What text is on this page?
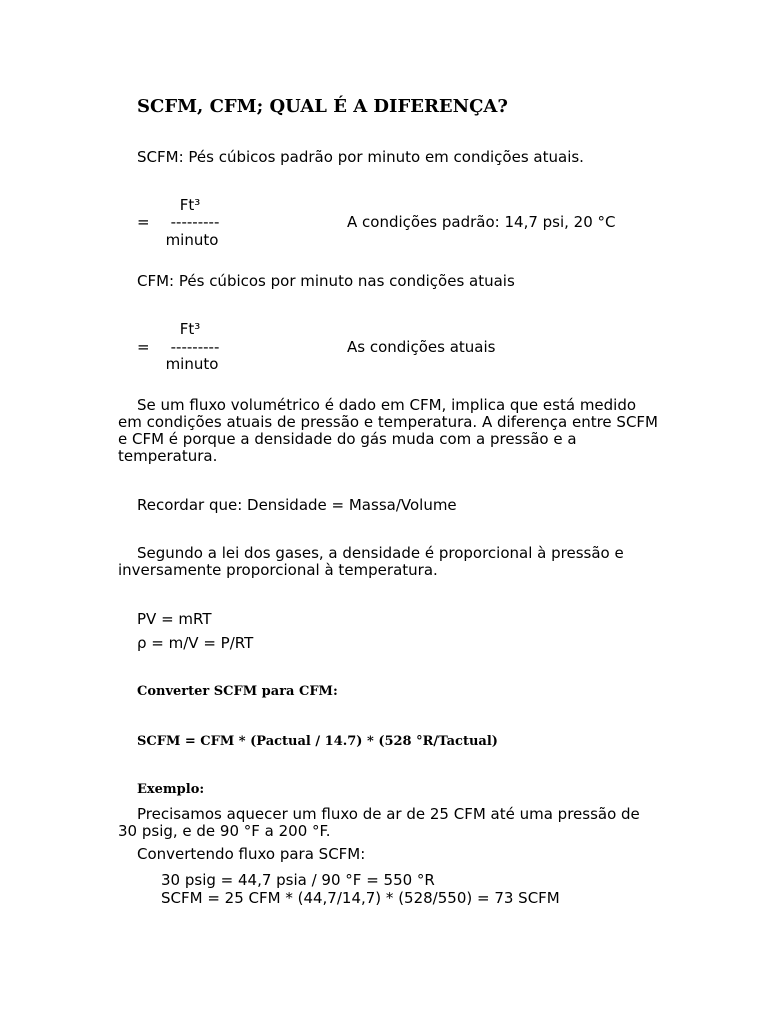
SCFM, CFM; QUAL É A DIFERENÇA?
SCFM: Pés cúbicos padrão por minuto em condições atuais.
Ft³
=	---------
minuto
A condições padrão: 14,7 psi, 20 °C
CFM: Pés cúbicos por minuto nas condições atuais
Ft³
=	---------
minuto
As condições atuais
Se um fluxo volumétrico é dado em CFM, implica que está medido em condições atuais de pressão e temperatura. A diferença entre SCFM e CFM é porque a densidade do gás muda com a pressão e a temperatura.
Recordar que: Densidade = Massa/Volume
Segundo a lei dos gases, a densidade é proporcional à pressão e inversamente proporcional à temperatura.
PV = mRT
ρ = m/V = P/RT
Converter SCFM para CFM:
SCFM = CFM * (Pactual / 14.7) * (528 °R/Tactual)
Exemplo:
Precisamos aquecer um fluxo de ar de 25 CFM até uma pressão de 30 psig, e de 90 °F a 200 °F.
Convertendo fluxo para SCFM:
30 psig = 44,7 psia / 90 °F = 550 °R
SCFM = 25 CFM * (44,7/14,7) * (528/550) = 73 SCFM
